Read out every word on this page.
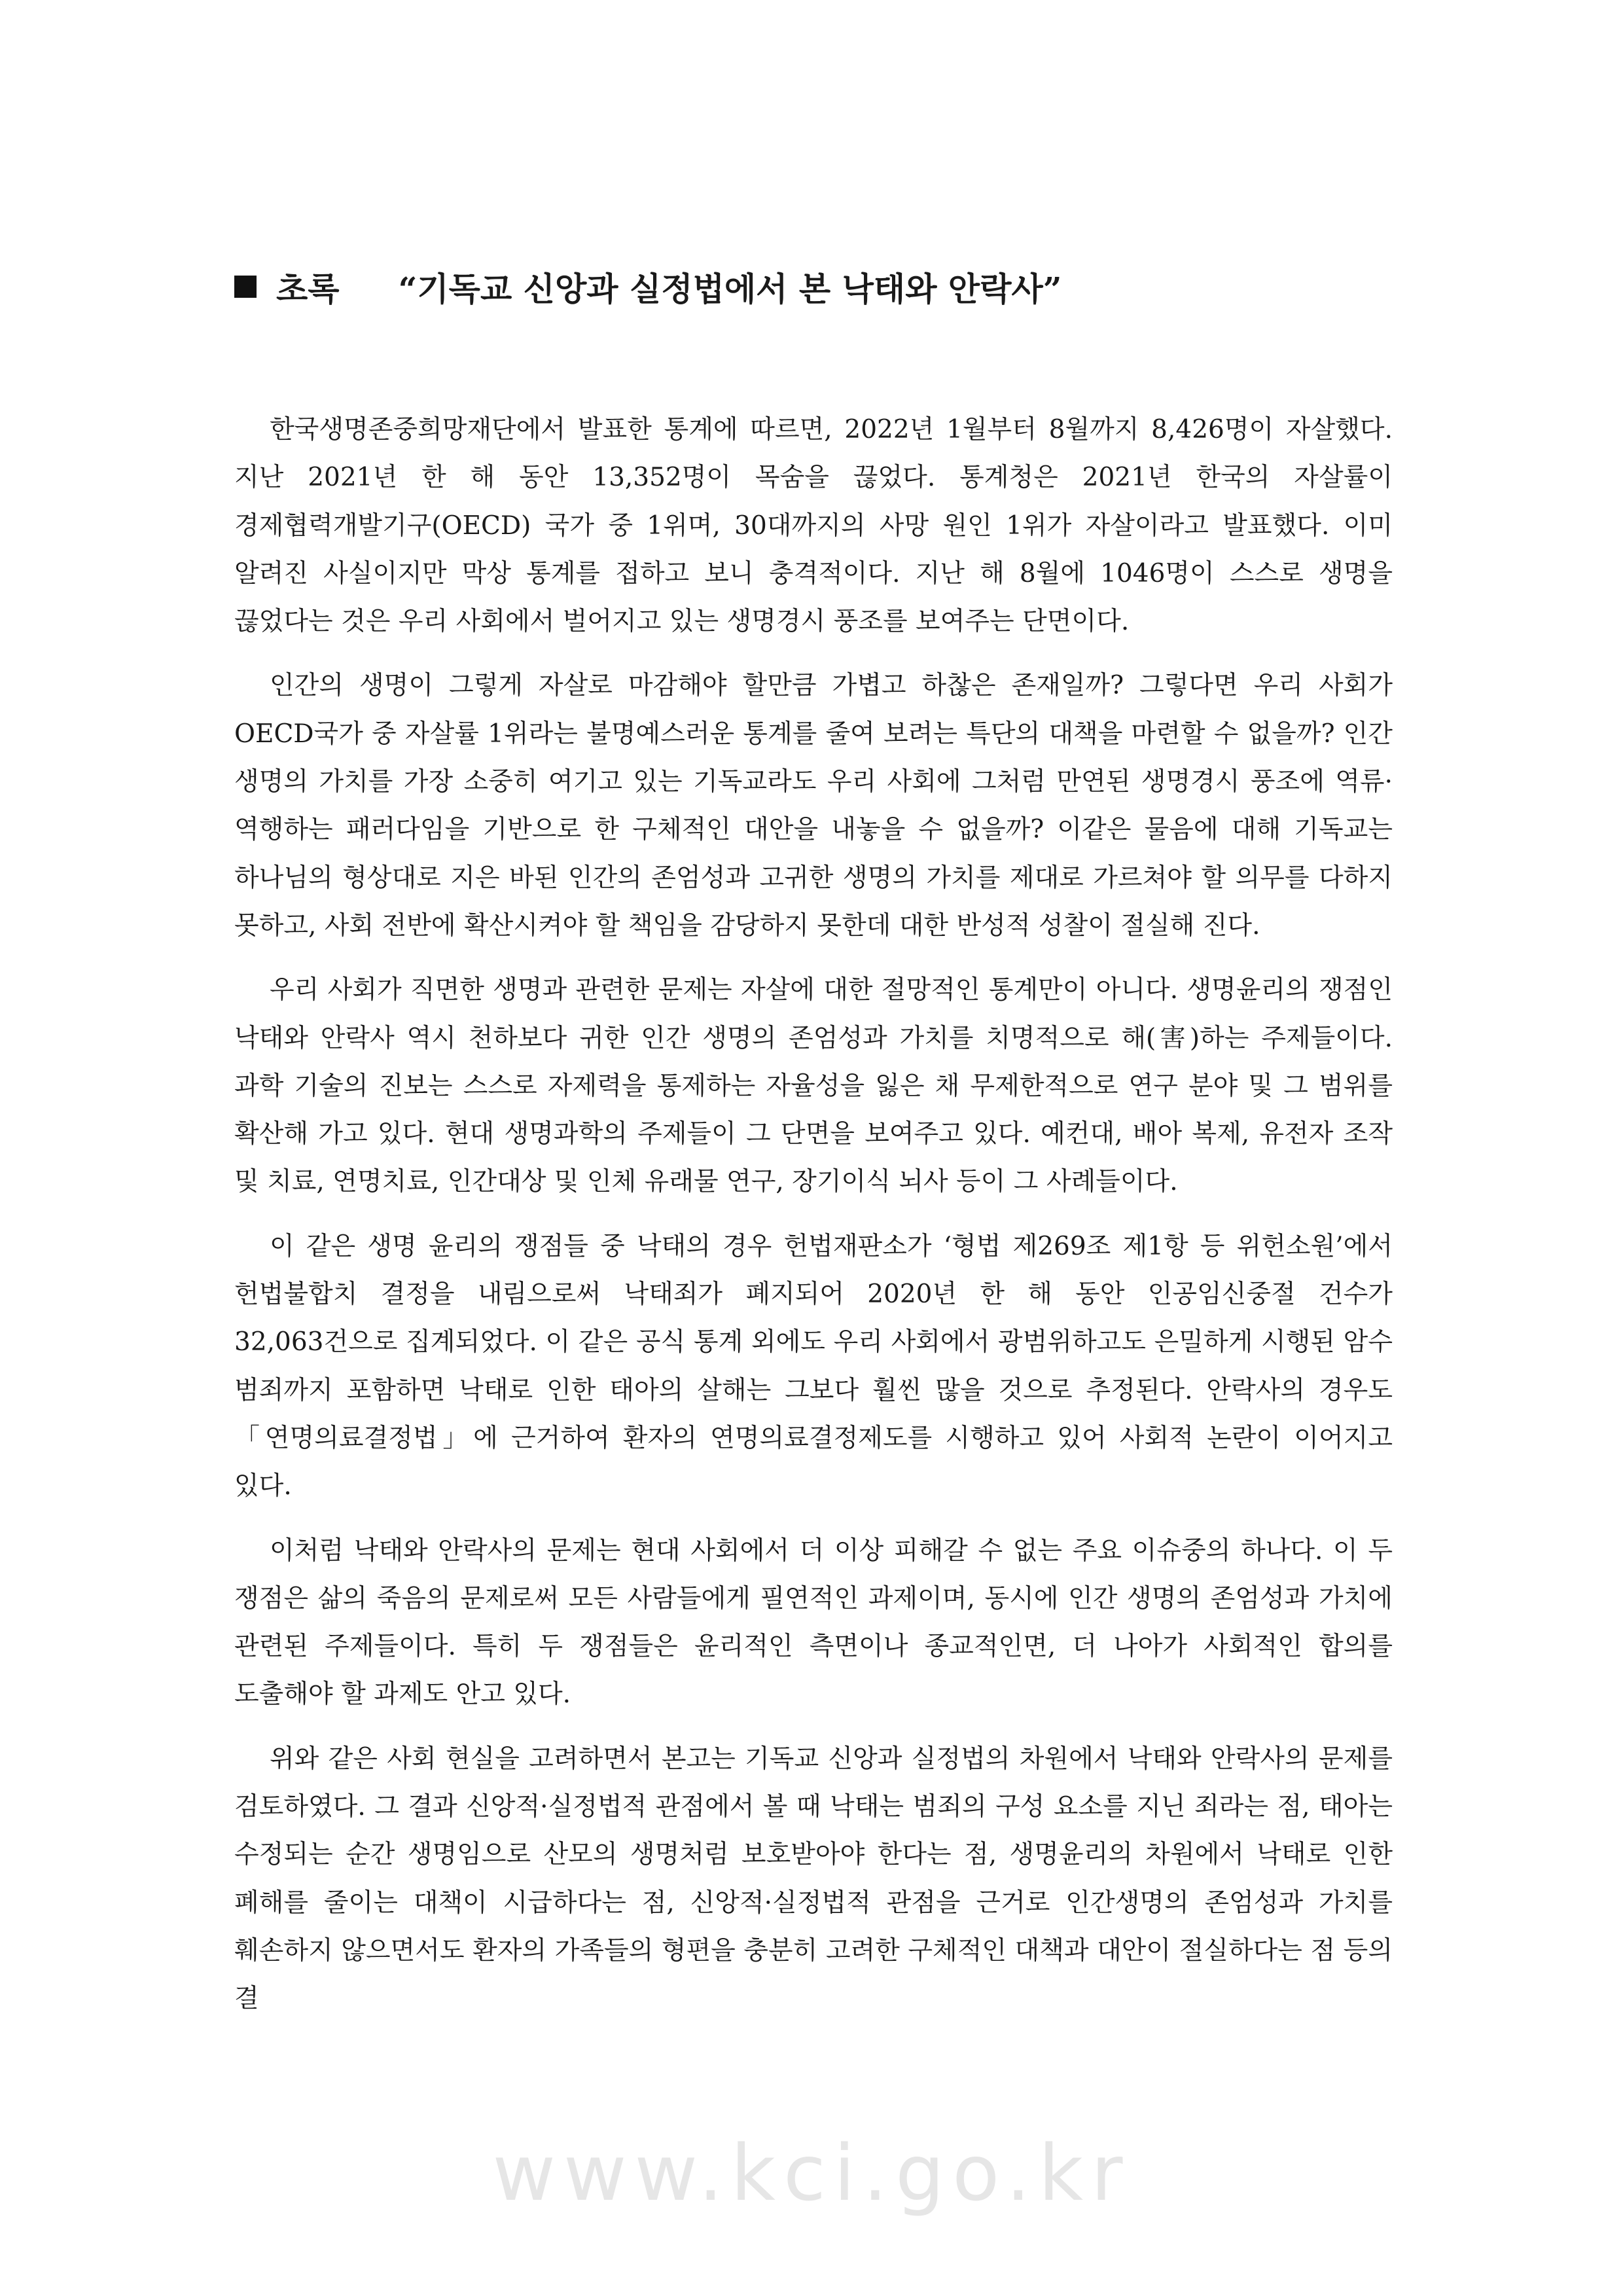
초록 “기독교 신앙과 실정법에서 본 낙태와 안락사”

한국생명존중희망재단에서 발표한 통계에 따르면, 2022년 1월부터 8월까지 8,426명이 자살했다. 지난 2021년 한 해 동안 13,352명이 목숨을 끊었다. 통계청은 2021년 한국의 자살률이 경제협력개발기구(OECD) 국가 중 1위며, 30대까지의 사망 원인 1위가 자살이라고 발표했다. 이미 알려진 사실이지만 막상 통계를 접하고 보니 충격적이다. 지난 해 8월에 1046명이 스스로 생명을 끊었다는 것은 우리 사회에서 벌어지고 있는 생명경시 풍조를 보여주는 단면이다.

인간의 생명이 그렇게 자살로 마감해야 할만큼 가볍고 하찮은 존재일까? 그렇다면 우리 사회가 OECD국가 중 자살률 1위라는 불명예스러운 통계를 줄여 보려는 특단의 대책을 마련할 수 없을까? 인간 생명의 가치를 가장 소중히 여기고 있는 기독교라도 우리 사회에 그처럼 만연된 생명경시 풍조에 역류·역행하는 패러다임을 기반으로 한 구체적인 대안을 내놓을 수 없을까? 이같은 물음에 대해 기독교는 하나님의 형상대로 지은 바된 인간의 존엄성과 고귀한 생명의 가치를 제대로 가르쳐야 할 의무를 다하지 못하고, 사회 전반에 확산시켜야 할 책임을 감당하지 못한데 대한 반성적 성찰이 절실해 진다.

우리 사회가 직면한 생명과 관련한 문제는 자살에 대한 절망적인 통계만이 아니다. 생명윤리의 쟁점인 낙태와 안락사 역시 천하보다 귀한 인간 생명의 존엄성과 가치를 치명적으로 해(害)하는 주제들이다. 과학 기술의 진보는 스스로 자제력을 통제하는 자율성을 잃은 채 무제한적으로 연구 분야 및 그 범위를 확산해 가고 있다. 현대 생명과학의 주제들이 그 단면을 보여주고 있다. 예컨대, 배아 복제, 유전자 조작 및 치료, 연명치료, 인간대상 및 인체 유래물 연구, 장기이식 뇌사 등이 그 사례들이다.

이 같은 생명 윤리의 쟁점들 중 낙태의 경우 헌법재판소가 ‘형법 제269조 제1항 등 위헌소원’에서 헌법불합치 결정을 내림으로써 낙태죄가 폐지되어 2020년 한 해 동안 인공임신중절 건수가 32,063건으로 집계되었다. 이 같은 공식 통계 외에도 우리 사회에서 광범위하고도 은밀하게 시행된 암수 범죄까지 포함하면 낙태로 인한 태아의 살해는 그보다 훨씬 많을 것으로 추정된다. 안락사의 경우도 「연명의료결정법」에 근거하여 환자의 연명의료결정제도를 시행하고 있어 사회적 논란이 이어지고 있다.

이처럼 낙태와 안락사의 문제는 현대 사회에서 더 이상 피해갈 수 없는 주요 이슈중의 하나다. 이 두 쟁점은 삶의 죽음의 문제로써 모든 사람들에게 필연적인 과제이며, 동시에 인간 생명의 존엄성과 가치에 관련된 주제들이다. 특히 두 쟁점들은 윤리적인 측면이나 종교적인면, 더 나아가 사회적인 합의를 도출해야 할 과제도 안고 있다.

위와 같은 사회 현실을 고려하면서 본고는 기독교 신앙과 실정법의 차원에서 낙태와 안락사의 문제를 검토하였다. 그 결과 신앙적·실정법적 관점에서 볼 때 낙태는 범죄의 구성 요소를 지닌 죄라는 점, 태아는 수정되는 순간 생명임으로 산모의 생명처럼 보호받아야 한다는 점, 생명윤리의 차원에서 낙태로 인한 폐해를 줄이는 대책이 시급하다는 점, 신앙적·실정법적 관점을 근거로 인간생명의 존엄성과 가치를 훼손하지 않으면서도 환자의 가족들의 형편을 충분히 고려한 구체적인 대책과 대안이 절실하다는 점 등의 결

www.kci.go.kr
